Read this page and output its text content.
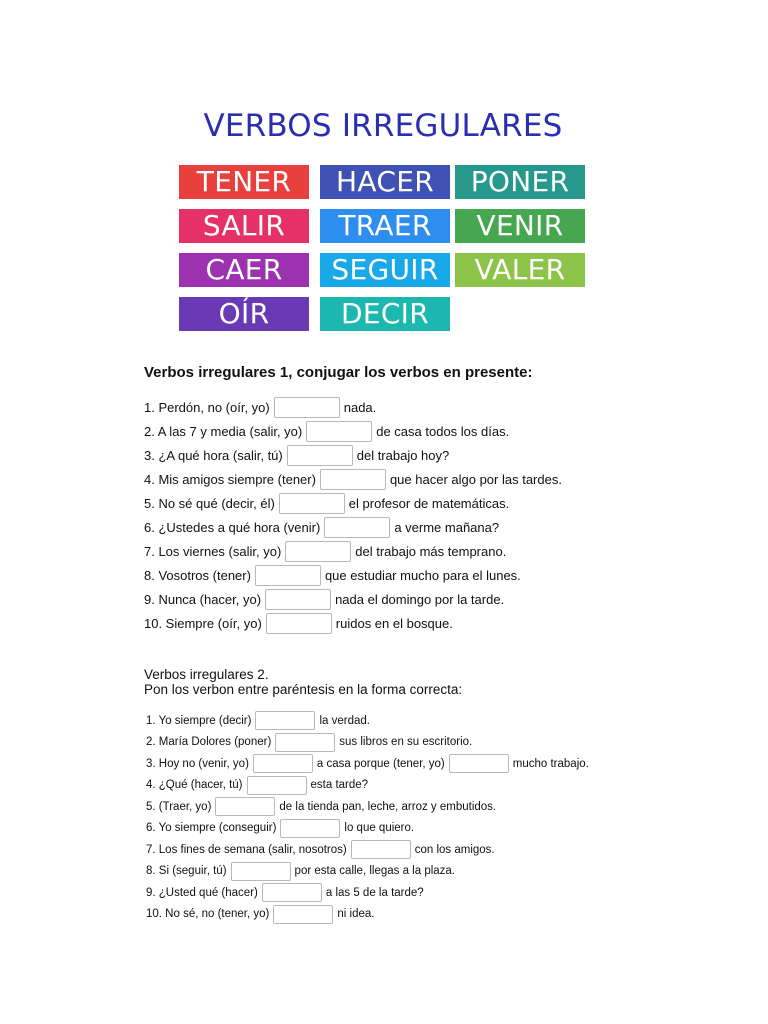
VERBOS IRREGULARES
TENER	HACER	PONER
SALIR	TRAER	VENIR
CAER	SEGUIR	VALER
OÍR	DECIR
Verbos irregulares 1, conjugar los verbos en presente:
1. Perdón, no (oír, yo)	nada.
2. A las 7 y media (salir, yo)	de casa todos los días.
3. ¿A qué hora (salir, tú)	del trabajo hoy?
4. Mis amigos siempre (tener)	que hacer algo por las tardes.
5. No sé qué (decir, él)	el profesor de matemáticas.
6. ¿Ustedes a qué hora (venir)	a verme mañana?
7. Los viernes (salir, yo)	del trabajo más temprano.
8. Vosotros (tener)	que estudiar mucho para el lunes.
9. Nunca (hacer, yo)	nada el domingo por la tarde.
10. Siempre (oír, yo)	ruidos en el bosque.
Verbos irregulares 2.
Pon los verbon entre paréntesis en la forma correcta:
1. Yo siempre (decir)	la verdad.
2. María Dolores (poner)	sus libros en su escritorio.
3. Hoy no (venir, yo)	a casa porque (tener, yo)	mucho trabajo.
4. ¿Qué (hacer, tú)	esta tarde?
5. (Traer, yo)	de la tienda pan, leche, arroz y embutidos.
6. Yo siempre (conseguir)	lo que quiero.
7. Los fines de semana (salir, nosotros)	con los amigos.
8. Si (seguir, tú)	por esta calle, llegas a la plaza.
9. ¿Usted qué (hacer)	a las 5 de la tarde?
10. No sé, no (tener, yo)	ni idea.
